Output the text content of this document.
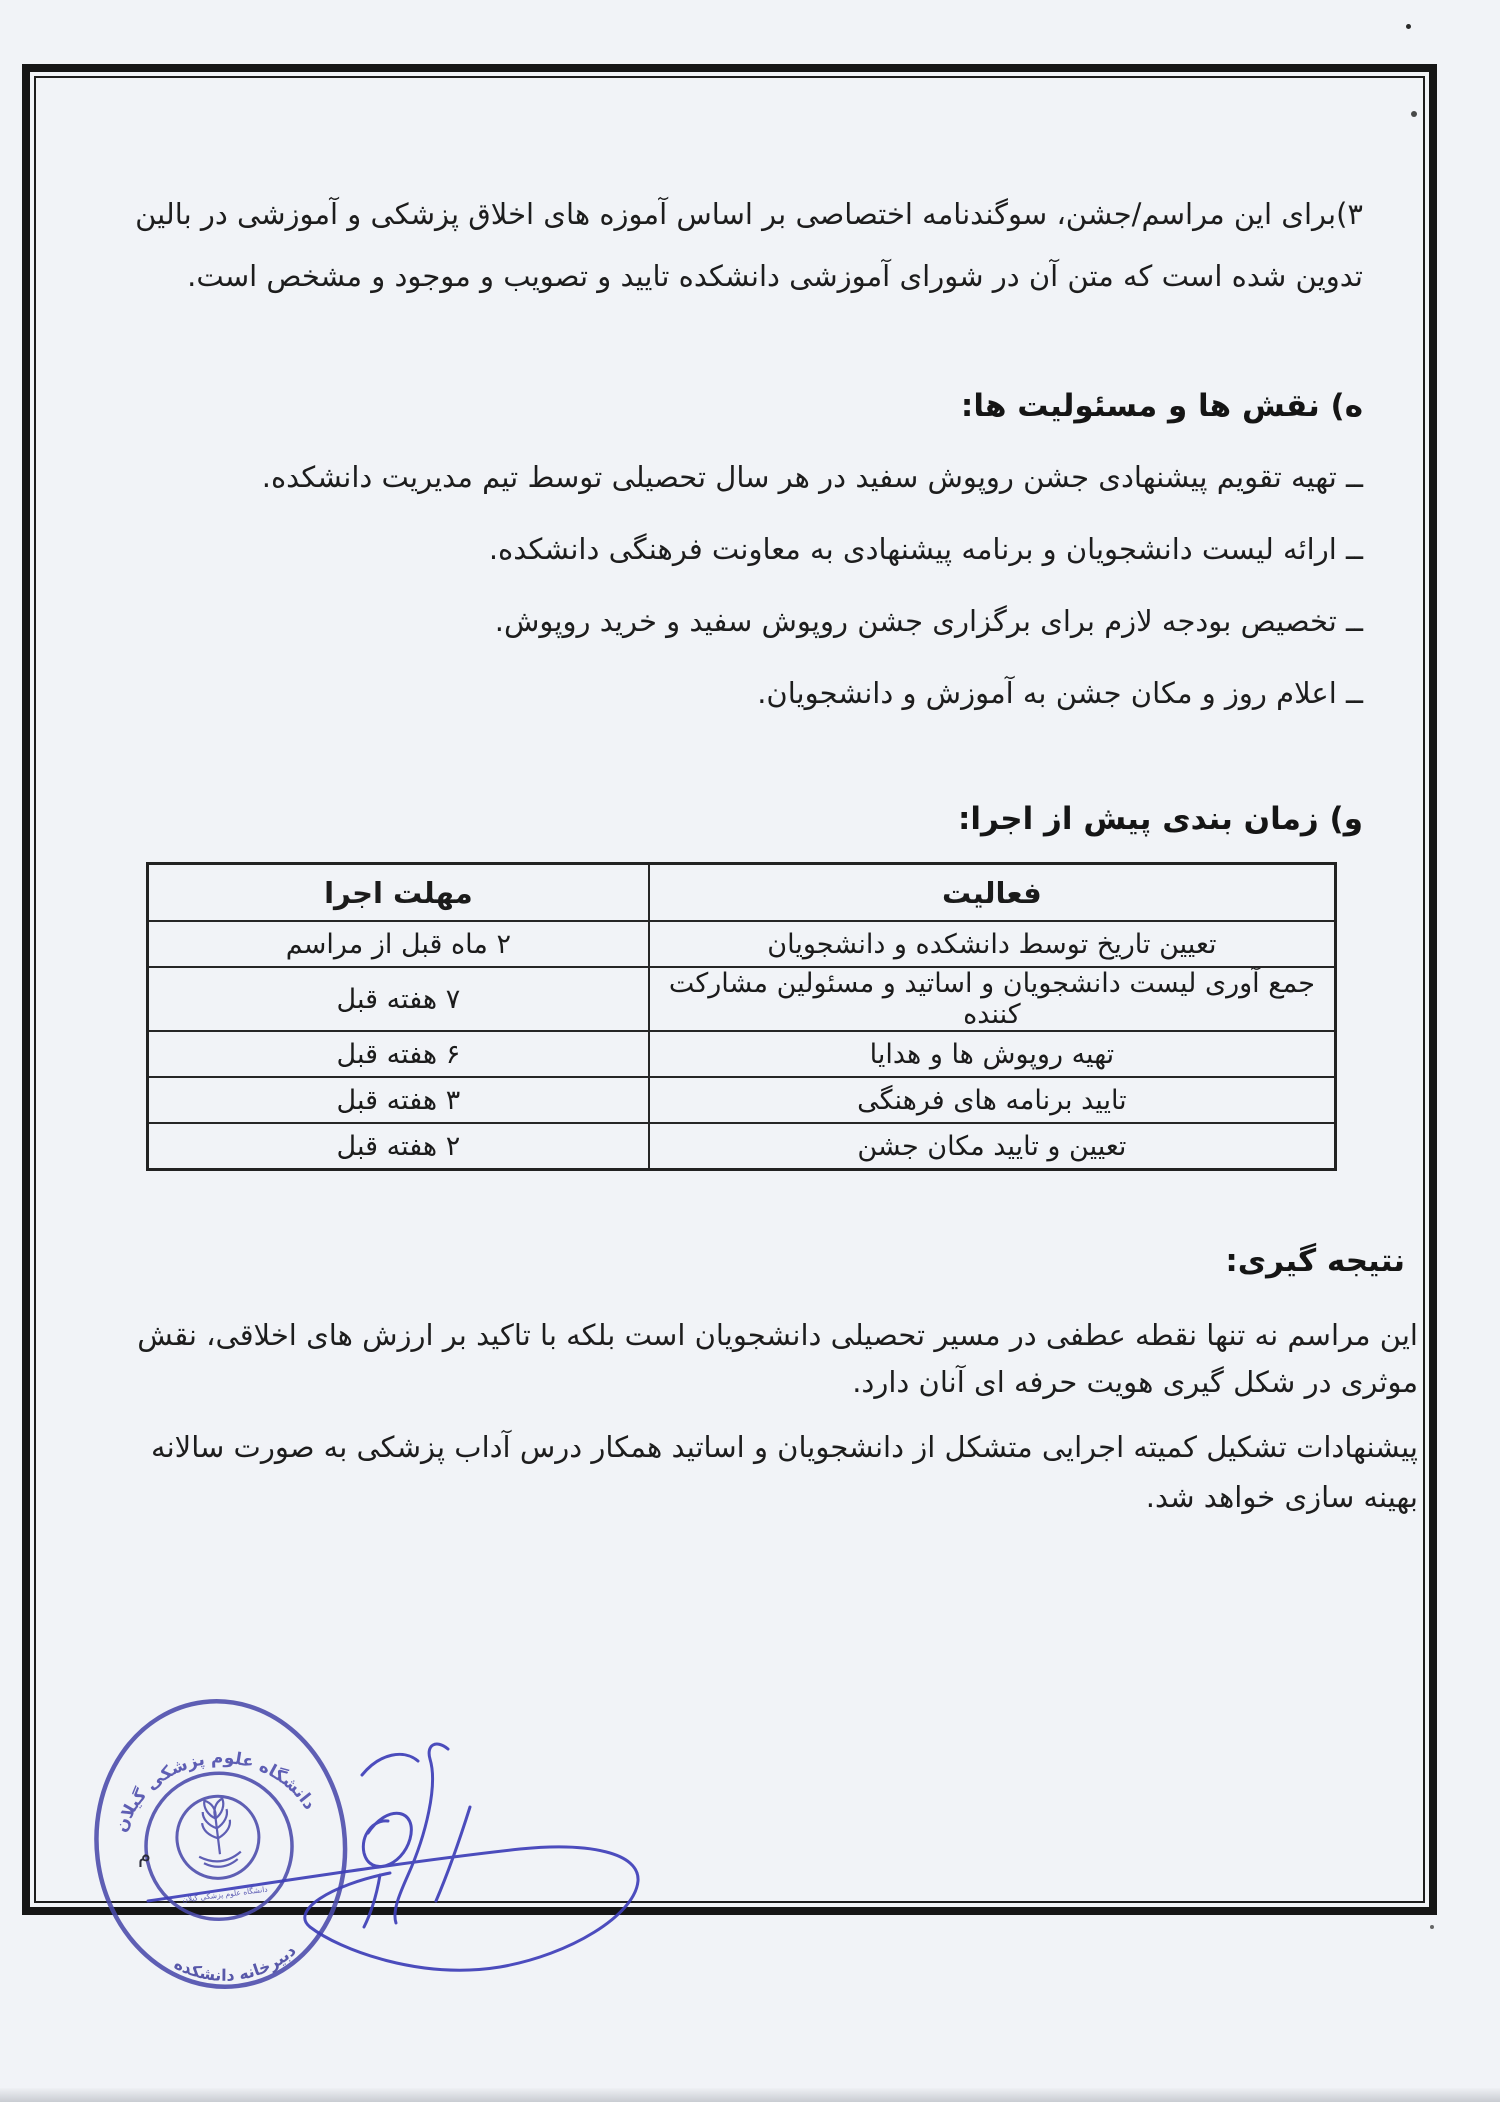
۳)برای این مراسم/جشن، سوگندنامه اختصاصی بر اساس آموزه های اخلاق پزشکی و آموزشی در بالین تدوین شده است که متن آن در شورای آموزشی دانشکده تایید و تصویب و موجود و مشخص است.
ه) نقش ها و مسئولیت ها:

ــ تهیه تقویم پیشنهادی جشن روپوش سفید در هر سال تحصیلی توسط تیم مدیریت دانشکده.

ــ ارائه لیست دانشجویان و برنامه پیشنهادی به معاونت فرهنگی دانشکده.

ــ تخصیص بودجه لازم برای برگزاری جشن روپوش سفید و خرید روپوش.

ــ اعلام روز و مکان جشن به آموزش و دانشجویان.

و) زمان بندی پیش از اجرا:
فعالیت	مهلت اجرا
تعیین تاریخ توسط دانشکده و دانشجویان	۲ ماه قبل از مراسم
جمع آوری لیست دانشجویان و اساتید و مسئولین مشارکت کننده	۷ هفته قبل
تهیه روپوش ها و هدایا	۶ هفته قبل
تایید برنامه های فرهنگی	۳ هفته قبل
تعیین و تایید مکان جشن	۲ هفته قبل
نتیجه گیری:
این مراسم نه تنها نقطه عطفی در مسیر تحصیلی دانشجویان است بلکه با تاکید بر ارزش های اخلاقی، نقش موثری در شکل گیری هویت حرفه ای آنان دارد.
پیشنهادات تشکیل کمیته اجرایی متشکل از دانشجویان و اساتید همکار درس آداب پزشکی به صورت سالانه بهینه سازی خواهد شد.
دانشگاه علوم پزشکی گیلان
دبیرخانه دانشکده
دانشگاه علوم پزشکی گیلان
م
